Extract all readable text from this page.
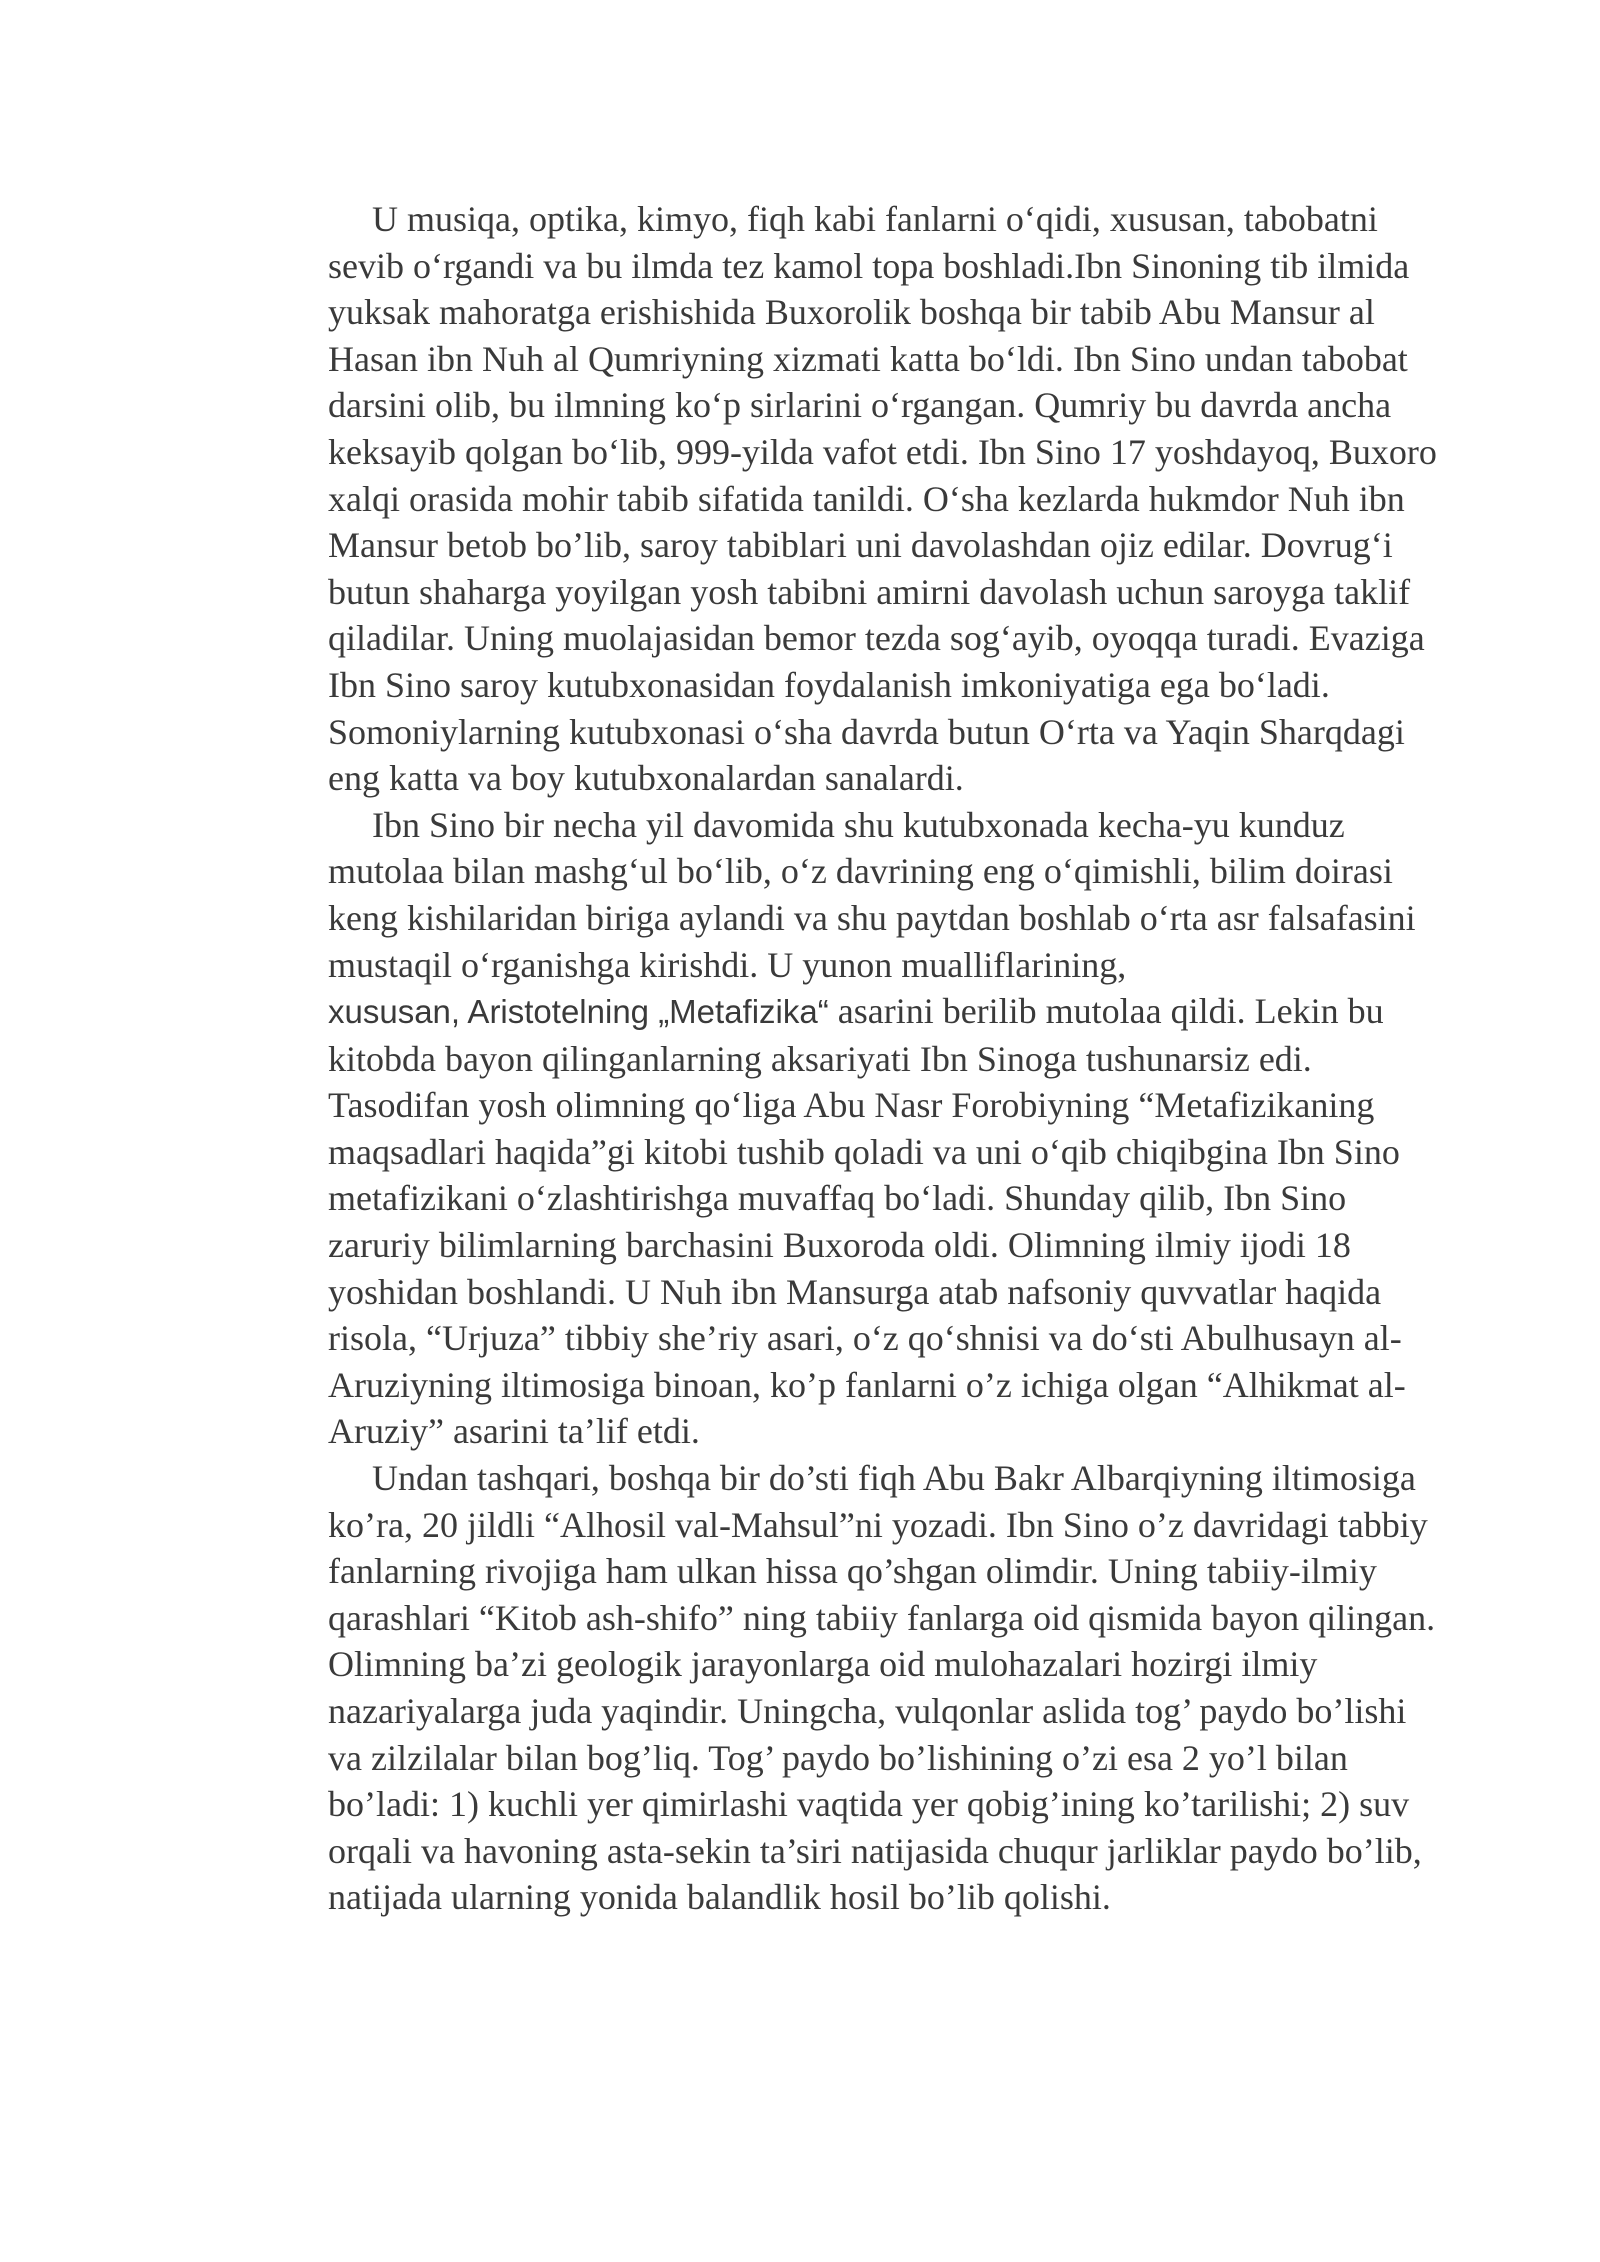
U musiqa, optika, kimyo, fiqh kabi fanlarni o‘qidi, xususan, tabobatni
sevib o‘rgandi va bu ilmda tez kamol topa boshladi.Ibn Sinoning tib ilmida
yuksak mahoratga erishishida Buxorolik boshqa bir tabib Abu Mansur al
Hasan ibn Nuh al Qumriyning xizmati katta bo‘ldi. Ibn Sino undan tabobat
darsini olib, bu ilmning ko‘p sirlarini o‘rgangan. Qumriy bu davrda ancha
keksayib qolgan bo‘lib, 999-yilda vafot etdi. Ibn Sino 17 yoshdayoq, Buxoro
xalqi orasida mohir tabib sifatida tanildi. O‘sha kezlarda hukmdor Nuh ibn
Mansur betob bo’lib, saroy tabiblari uni davolashdan ojiz edilar. Dovrug‘i
butun shaharga yoyilgan yosh tabibni amirni davolash uchun saroyga taklif
qiladilar. Uning muolajasidan bemor tezda sog‘ayib, oyoqqa turadi. Evaziga
Ibn Sino saroy kutubxonasidan foydalanish imkoniyatiga ega bo‘ladi.
Somoniylarning kutubxonasi o‘sha davrda butun O‘rta va Yaqin Sharqdagi
eng katta va boy kutubxonalardan sanalardi.
Ibn Sino bir necha yil davomida shu kutubxonada kecha-yu kunduz
mutolaa bilan mashg‘ul bo‘lib, o‘z davrining eng o‘qimishli, bilim doirasi
keng kishilaridan biriga aylandi va shu paytdan boshlab o‘rta asr falsafasini
mustaqil o‘rganishga kirishdi. U yunon mualliflarining,
xususan, Aristotelning „Metafizika“ asarini berilib mutolaa qildi. Lekin bu
kitobda bayon qilinganlarning aksariyati Ibn Sinoga tushunarsiz edi.
Tasodifan yosh olimning qo‘liga Abu Nasr Forobiyning “Metafizikaning
maqsadlari haqida”gi kitobi tushib qoladi va uni o‘qib chiqibgina Ibn Sino
metafizikani o‘zlashtirishga muvaffaq bo‘ladi. Shunday qilib, Ibn Sino
zaruriy bilimlarning barchasini Buxoroda oldi. Olimning ilmiy ijodi 18
yoshidan boshlandi. U Nuh ibn Mansurga atab nafsoniy quvvatlar haqida
risola, “Urjuza” tibbiy she’riy asari, o‘z qo‘shnisi va do‘sti Abulhusayn al-
Aruziyning iltimosiga binoan, ko’p fanlarni o’z ichiga olgan “Alhikmat al-
Aruziy” asarini ta’lif etdi.
Undan tashqari, boshqa bir do’sti fiqh Abu Bakr Albarqiyning iltimosiga
ko’ra, 20 jildli “Alhosil val-Mahsul”ni yozadi. Ibn Sino o’z davridagi tabbiy
fanlarning rivojiga ham ulkan hissa qo’shgan olimdir. Uning tabiiy-ilmiy
qarashlari “Kitob ash-shifo” ning tabiiy fanlarga oid qismida bayon qilingan.
Olimning ba’zi geologik jarayonlarga oid mulohazalari hozirgi ilmiy
nazariyalarga juda yaqindir. Uningcha, vulqonlar aslida tog’ paydo bo’lishi
va zilzilalar bilan bog’liq. Tog’ paydo bo’lishining o’zi esa 2 yo’l bilan
bo’ladi: 1) kuchli yer qimirlashi vaqtida yer qobig’ining ko’tarilishi; 2) suv
orqali va havoning asta-sekin ta’siri natijasida chuqur jarliklar paydo bo’lib,
natijada ularning yonida balandlik hosil bo’lib qolishi.
